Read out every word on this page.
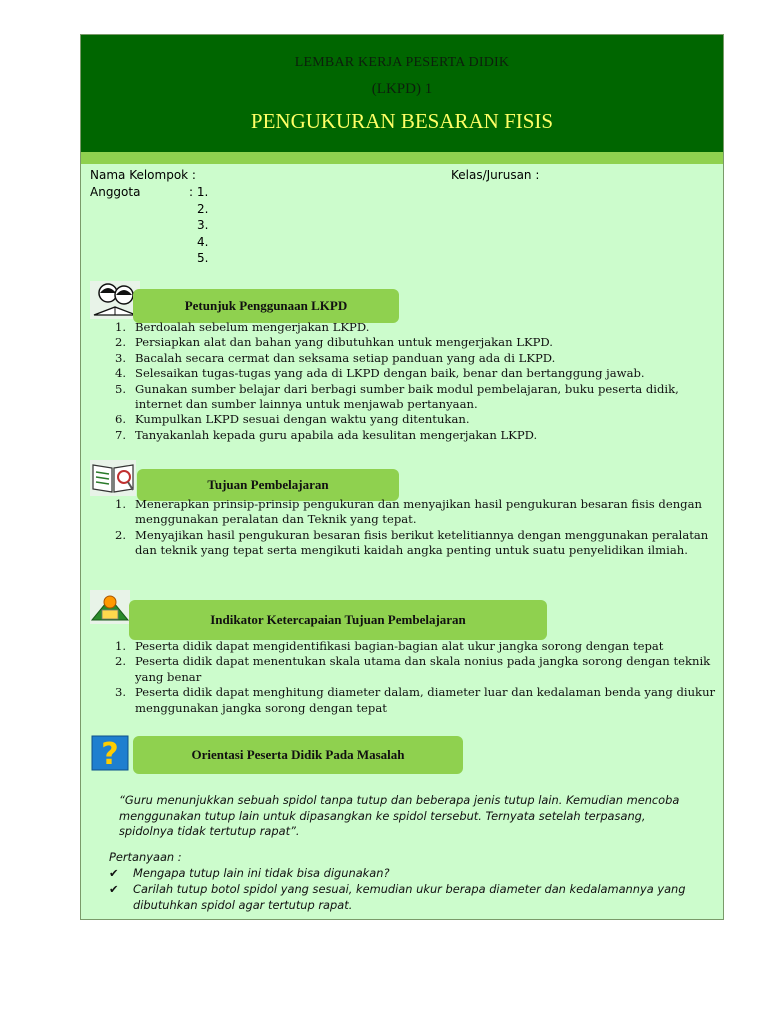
LEMBAR KERJA PESERTA DIDIK
(LKPD) 1
PENGUKURAN BESARAN FISIS
Nama Kelompok :	Kelas/Jurusan :
Anggota	: 1.
2.
3.
4.
5.
Petunjuk Penggunaan LKPD
1. Berdoalah sebelum mengerjakan LKPD.
2. Persiapkan alat dan bahan yang dibutuhkan untuk mengerjakan LKPD.
3. Bacalah secara cermat dan seksama setiap panduan yang ada di LKPD.
4. Selesaikan tugas-tugas yang ada di LKPD dengan baik, benar dan bertanggung jawab.
5. Gunakan sumber belajar dari berbagi sumber baik modul pembelajaran, buku peserta didik, internet dan sumber lainnya untuk menjawab pertanyaan.
6. Kumpulkan LKPD sesuai dengan waktu yang ditentukan.
7. Tanyakanlah kepada guru apabila ada kesulitan mengerjakan LKPD.
Tujuan Pembelajaran
1. Menerapkan prinsip-prinsip pengukuran dan menyajikan hasil pengukuran besaran fisis dengan menggunakan peralatan dan Teknik yang tepat.
2. Menyajikan hasil pengukuran besaran fisis berikut ketelitiannya dengan menggunakan peralatan dan teknik yang tepat serta mengikuti kaidah angka penting untuk suatu penyelidikan ilmiah.
Indikator Ketercapaian Tujuan Pembelajaran
1. Peserta didik dapat mengidentifikasi bagian-bagian alat ukur jangka sorong dengan tepat
2. Peserta didik dapat menentukan skala utama dan skala nonius pada jangka sorong dengan teknik yang benar
3. Peserta didik dapat menghitung diameter dalam, diameter luar dan kedalaman benda yang diukur menggunakan jangka sorong dengan tepat
?	Orientasi Peserta Didik Pada Masalah
“Guru menunjukkan sebuah spidol tanpa tutup dan beberapa jenis tutup lain. Kemudian mencoba menggunakan tutup lain untuk dipasangkan ke spidol tersebut. Ternyata setelah terpasang, spidolnya tidak tertutup rapat”.
Pertanyaan :
✔ Mengapa tutup lain ini tidak bisa digunakan?
✔ Carilah tutup botol spidol yang sesuai, kemudian ukur berapa diameter dan kedalamannya yang dibutuhkan spidol agar tertutup rapat.
